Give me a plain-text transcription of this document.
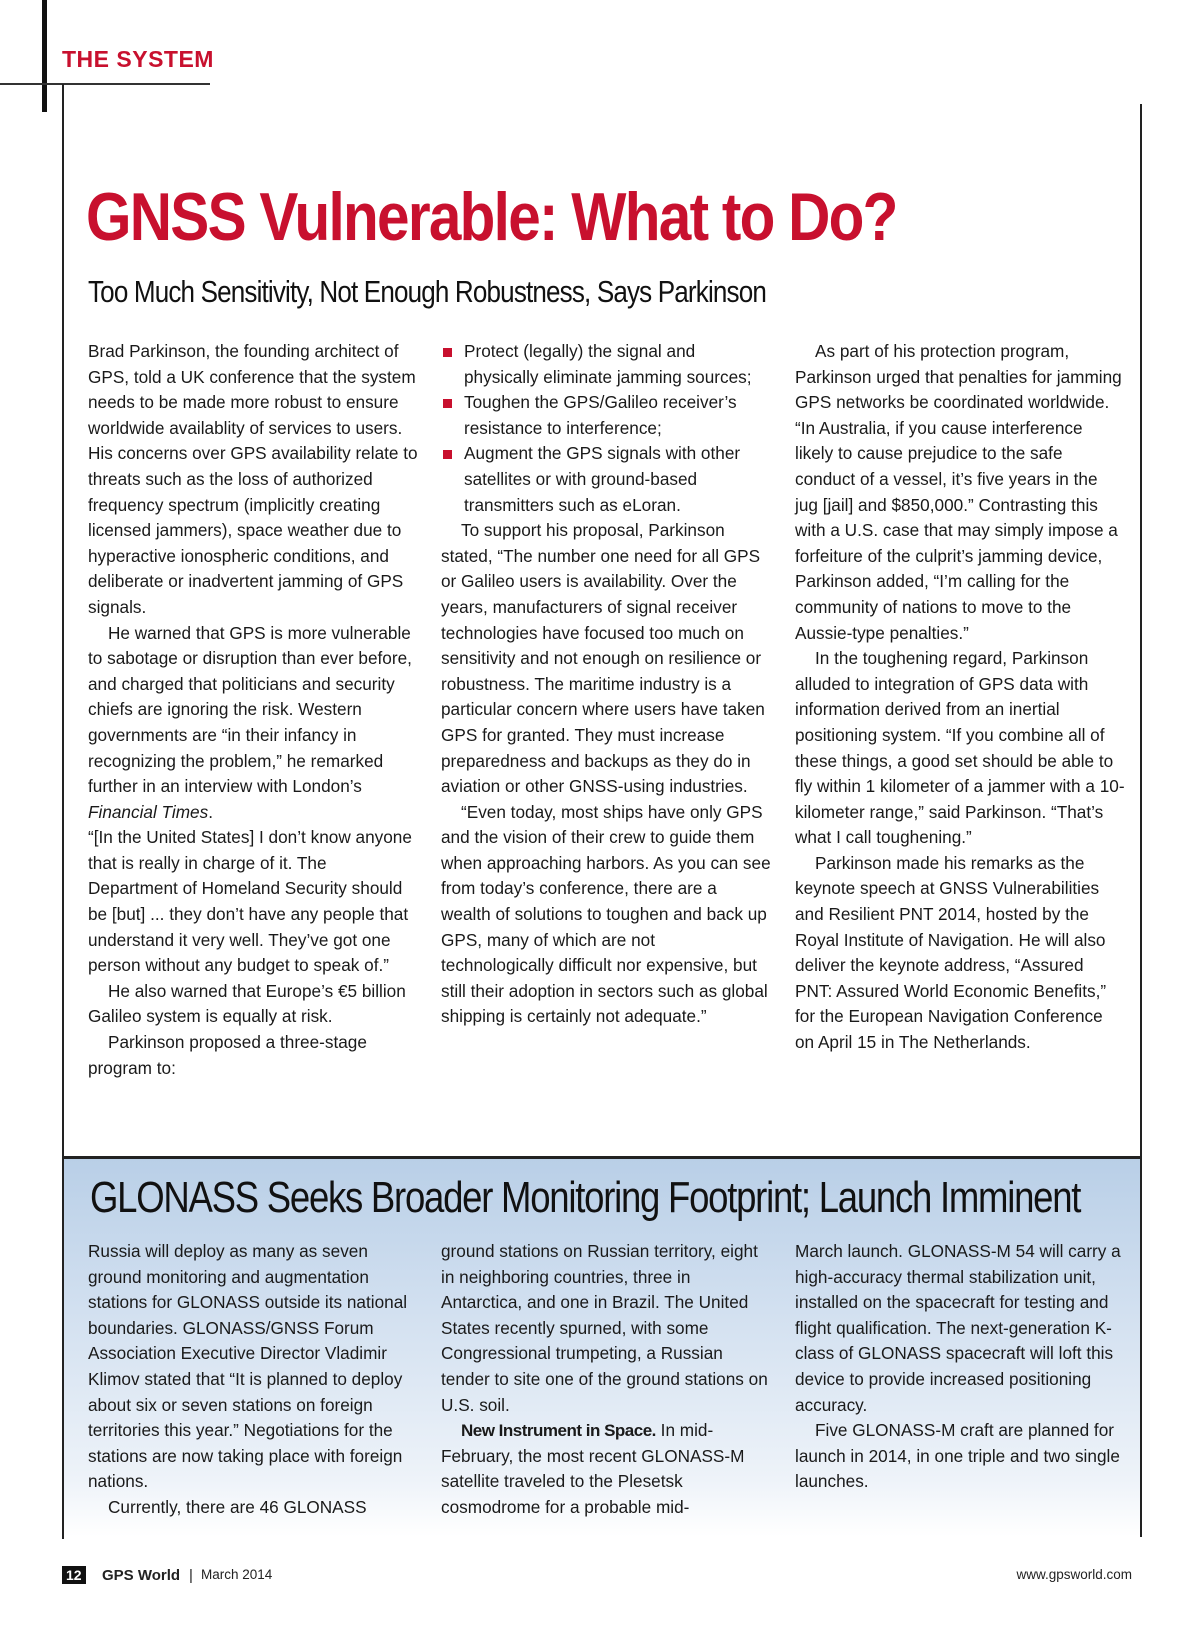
THE SYSTEM
GNSS Vulnerable: What to Do?
Too Much Sensitivity, Not Enough Robustness, Says Parkinson

Brad Parkinson, the founding architect of GPS, told a UK conference that the system needs to be made more robust to ensure worldwide availablity of services to users. His concerns over GPS availability relate to threats such as the loss of authorized frequency spectrum (implicitly creating licensed jammers), space weather due to hyperactive ionospheric conditions, and deliberate or inadvertent jamming of GPS signals.

He warned that GPS is more vulnerable to sabotage or disruption than ever before, and charged that politicians and security chiefs are ignoring the risk. Western governments are “in their infancy in recognizing the problem,” he remarked further in an interview with London’s Financial Times.

“[In the United States] I don’t know anyone that is really in charge of it. The Department of Homeland Security should be [but] ... they don’t have any people that understand it very well. They’ve got one person without any budget to speak of.”

He also warned that Europe’s €5 billion Galileo system is equally at risk.

Parkinson proposed a three-stage program to:

Protect (legally) the signal and physically eliminate jamming sources;
Toughen the GPS/Galileo receiver’s resistance to interference;
Augment the GPS signals with other satellites or with ground-based transmitters such as eLoran.

To support his proposal, Parkinson stated, “The number one need for all GPS or Galileo users is availability. Over the years, manufacturers of signal receiver technologies have focused too much on sensitivity and not enough on resilience or robustness. The maritime industry is a particular concern where users have taken GPS for granted. They must increase preparedness and backups as they do in aviation or other GNSS-using industries.

“Even today, most ships have only GPS and the vision of their crew to guide them when approaching harbors. As you can see from today’s conference, there are a wealth of solutions to toughen and back up GPS, many of which are not technologically difficult nor expensive, but still their adoption in sectors such as global shipping is certainly not adequate.”

As part of his protection program, Parkinson urged that penalties for jamming GPS networks be coordinated worldwide. “In Australia, if you cause interference likely to cause prejudice to the safe conduct of a vessel, it’s five years in the jug [jail] and $850,000.” Contrasting this with a U.S. case that may simply impose a forfeiture of the culprit’s jamming device, Parkinson added, “I’m calling for the community of nations to move to the Aussie-type penalties.”

In the toughening regard, Parkinson alluded to integration of GPS data with information derived from an inertial positioning system. “If you combine all of these things, a good set should be able to fly within 1 kilometer of a jammer with a 10-kilometer range,” said Parkinson. “That’s what I call toughening.”

Parkinson made his remarks as the keynote speech at GNSS Vulnerabilities and Resilient PNT 2014, hosted by the Royal Institute of Navigation. He will also deliver the keynote address, “Assured PNT: Assured World Economic Benefits,” for the European Navigation Conference on April 15 in The Netherlands.

GLONASS Seeks Broader Monitoring Footprint; Launch Imminent

Russia will deploy as many as seven ground monitoring and augmentation stations for GLONASS outside its national boundaries. GLONASS/GNSS Forum Association Executive Director Vladimir Klimov stated that “It is planned to deploy about six or seven stations on foreign territories this year.” Negotiations for the stations are now taking place with foreign nations.

Currently, there are 46 GLONASS

ground stations on Russian territory, eight in neighboring countries, three in Antarctica, and one in Brazil. The United States recently spurned, with some Congressional trumpeting, a Russian tender to site one of the ground stations on U.S. soil.

New Instrument in Space. In mid-February, the most recent GLONASS-M satellite traveled to the Plesetsk cosmodrome for a probable mid-

March launch. GLONASS-M 54 will carry a high-accuracy thermal stabilization unit, installed on the spacecraft for testing and flight qualification. The next-generation K-class of GLONASS spacecraft will loft this device to provide increased positioning accuracy.

Five GLONASS-M craft are planned for launch in 2014, in one triple and two single launches.

12 GPS World | March 2014	www.gpsworld.com
